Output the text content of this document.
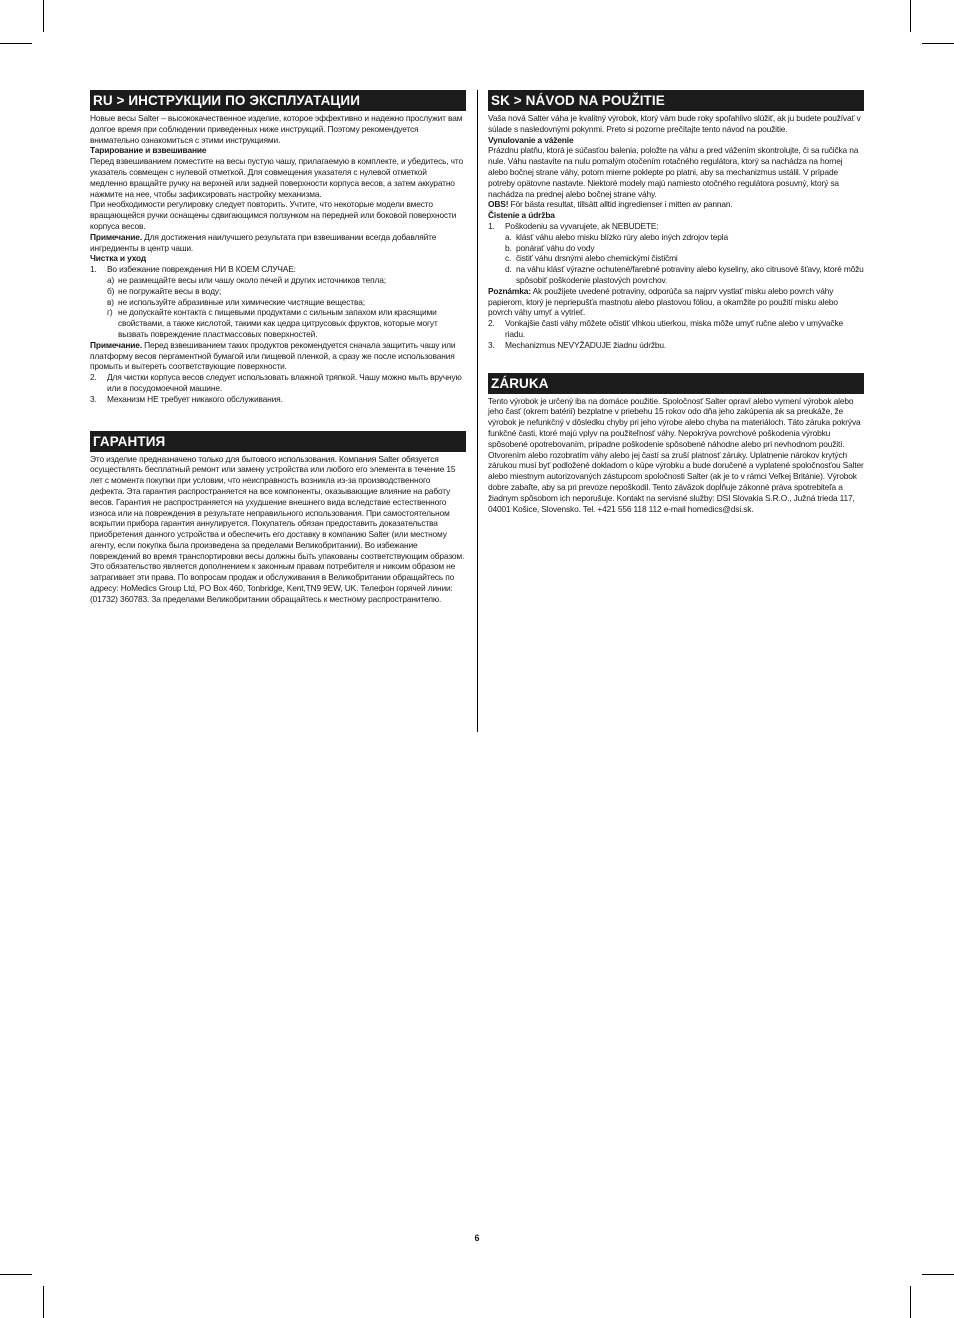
RU > ИНСТРУКЦИИ ПО ЭКСПЛУАТАЦИИ

Новые весы Salter – высококачественное изделие, которое эффективно и надежно прослужит вам долгое время при соблюдении приведенных ниже инструкций. Поэтому рекомендуется внимательно ознакомиться с этими инструкциями.

Тарирование и взвешивание

Перед взвешиванием поместите на весы пустую чашу, прилагаемую в комплекте, и убедитесь, что указатель совмещен с нулевой отметкой. Для совмещения указателя с нулевой отметкой медленно вращайте ручку на верхней или задней поверхности корпуса весов, а затем аккуратно нажмите на нее, чтобы зафиксировать настройку механизма.

При необходимости регулировку следует повторить. Учтите, что некоторые модели вместо вращающейся ручки оснащены сдвигающимся ползунком на передней или боковой поверхности корпуса весов.

Примечание. Для достижения наилучшего результата при взвешивании всегда добавляйте ингредиенты в центр чаши.

Чистка и уход

1. Во избежание повреждения НИ В КОЕМ СЛУЧАЕ:
а) не размещайте весы или чашу около печей и других источников тепла;
б) не погружайте весы в воду;
в) не используйте абразивные или химические чистящие вещества;
г) не допускайте контакта с пищевыми продуктами с сильным запахом или красящими свойствами, а также кислотой, такими как цедра цитрусовых фруктов, которые могут вызвать повреждение пластмассовых поверхностей.

Примечание. Перед взвешиванием таких продуктов рекомендуется сначала защитить чашу или платформу весов пергаментной бумагой или пищевой пленкой, а сразу же после использования промыть и вытереть соответствующие поверхности.

2. Для чистки корпуса весов следует использовать влажной тряпкой. Чашу можно мыть вручную или в посудомоечной машине.
3. Механизм НЕ требует никакого обслуживания.
ГАРАНТИЯ

Это изделие предназначено только для бытового использования. Компания Salter обязуется осуществлять бесплатный ремонт или замену устройства или любого его элемента в течение 15 лет с момента покупки при условии, что неисправность возникла из-за производственного дефекта. Эта гарантия распространяется на все компоненты, оказывающие влияние на работу весов. Гарантия не распространяется на ухудшение внешнего вида вследствие естественного износа или на повреждения в результате неправильного использования. При самостоятельном вскрытии прибора гарантия аннулируется. Покупатель обязан предоставить доказательства приобретения данного устройства и обеспечить его доставку в компанию Salter (или местному агенту, если покупка была произведена за пределами Великобритании). Во избежание повреждений во время транспортировки весы должны быть упакованы соответствующим образом. Это обязательство является дополнением к законным правам потребителя и никоим образом не затрагивает эти права. По вопросам продаж и обслуживания в Великобритании обращайтесь по адресу: HoMedics Group Ltd, PO Box 460, Tonbridge, Kent,TN9 9EW, UK. Телефон горячей линии: (01732) 360783. За пределами Великобритании обращайтесь к местному распространителю.

SK > NÁVOD NA POUŽITIE

Vaša nová Salter váha je kvalitný výrobok, ktorý vám bude roky spoľahlivo slúžiť, ak ju budete používať v súlade s nasledovnými pokynmi. Preto si pozorne prečítajte tento návod na použitie.

Vynulovanie a váženie

Prázdnu platňu, ktorá je súčasťou balenia, položte na váhu a pred vážením skontrolujte, či sa ručička na nule. Váhu nastavíte na nulu pomalým otočením rotačného regulátora, ktorý sa nachádza na hornej alebo bočnej strane váhy, potom mierne poklepte po platni, aby sa mechanizmus ustálil. V prípade potreby opätovne nastavte. Niektoré modely majú namiesto otočného regulátora posuvný, ktorý sa nachádza na prednej alebo bočnej strane váhy.

OBS! För bästa resultat, tillsätt alltid ingredienser i mitten av pannan.

Čistenie a údržba

1. Poškodeniu sa vyvarujete, ak NEBUDETE:
a. klásť váhu alebo misku blízko rúry alebo iných zdrojov tepla
b. ponárať váhu do vody
c. čistiť váhu drsnými alebo chemickými čističmi
d. na váhu klásť výrazne ochutené/farebné potraviny alebo kyseliny, ako citrusové šťavy, ktoré môžu spôsobiť poškodenie plastových povrchov.

Poznámka: Ak použijete uvedené potraviny, odporúča sa najprv vystlať misku alebo povrch váhy papierom, ktorý je nepriepušťa mastnotu alebo plastovou fóliou, a okamžite po použití misku alebo povrch váhy umyť a vytrieť.

2. Vonkajšie časti váhy môžete očistiť vlhkou utierkou, miska môže umyť ručne alebo v umývačke riadu.
3. Mechanizmus NEVYŽADUJE žiadnu údržbu.
ZÁRUKA

Tento výrobok je určený iba na domáce použitie. Spoločnosť Salter opraví alebo vymení výrobok alebo jeho časť (okrem batérií) bezplatne v priebehu 15 rokov odo dňa jeho zakúpenia ak sa preukáže, že výrobok je nefunkčný v dôsledku chyby pri jeho výrobe alebo chyba na materiáloch. Táto záruka pokrýva funkčné časti, ktoré majú vplyv na použiteľnosť váhy. Nepokrýva povrchové poškodenia výrobku spôsobené opotrebovaním, prípadne poškodenie spôsobené náhodne alebo pri nevhodnom použití. Otvorením alebo rozobratím váhy alebo jej častí sa zruší platnosť záruky. Uplatnenie nárokov krytých zárukou musí byť podložené dokladom o kúpe výrobku a bude doručené a vyplatené spoločnosťou Salter alebo miestnym autorizovaných zástupcom spoločnosti Salter (ak je to v rámci Veľkej Británie). Výrobok dobre zabaľte, aby sa pri prevoze nepoškodil. Tento záväzok dopĺňuje zákonné práva spotrebiteľa a žiadnym spôsobom ich neporušuje. Kontakt na servisné služby: DSI Slovakia S.R.O., Južná trieda 117, 04001 Košice, Slovensko. Tel. +421 556 118 112 e-mail homedics@dsi.sk.

6
